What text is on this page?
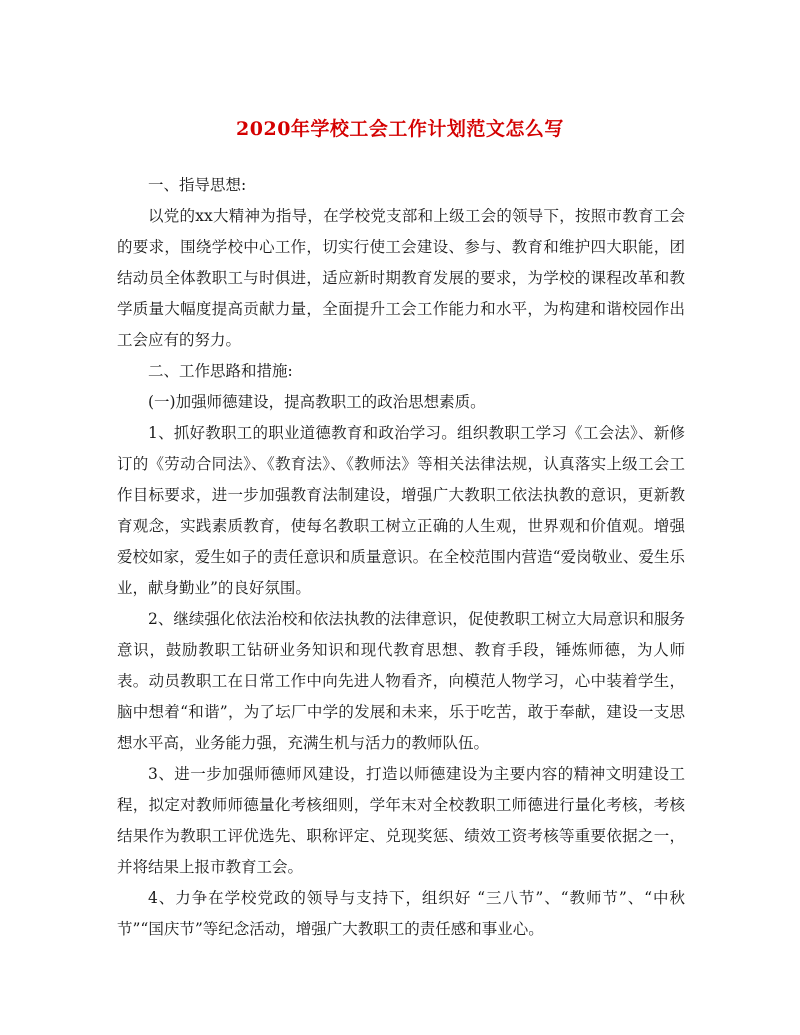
2020年学校工会工作计划范文怎么写

一、指导思想:

以党的xx大精神为指导，在学校党支部和上级工会的领导下，按照市教育工会的要求，围绕学校中心工作，切实行使工会建设、参与、教育和维护四大职能，团结动员全体教职工与时俱进，适应新时期教育发展的要求，为学校的课程改革和教学质量大幅度提高贡献力量，全面提升工会工作能力和水平，为构建和谐校园作出工会应有的努力。

二、工作思路和措施:

(一)加强师德建设，提高教职工的政治思想素质。

1、抓好教职工的职业道德教育和政治学习。组织教职工学习《工会法》、新修订的《劳动合同法》、《教育法》、《教师法》等相关法律法规，认真落实上级工会工作目标要求，进一步加强教育法制建设，增强广大教职工依法执教的意识，更新教育观念，实践素质教育，使每名教职工树立正确的人生观，世界观和价值观。增强爱校如家，爱生如子的责任意识和质量意识。在全校范围内营造“爱岗敬业、爱生乐业，献身勤业”的良好氛围。

2、继续强化依法治校和依法执教的法律意识，促使教职工树立大局意识和服务意识，鼓励教职工钻研业务知识和现代教育思想、教育手段，锤炼师德，为人师表。动员教职工在日常工作中向先进人物看齐，向模范人物学习，心中装着学生，脑中想着“和谐”，为了坛厂中学的发展和未来，乐于吃苦，敢于奉献，建设一支思想水平高，业务能力强，充满生机与活力的教师队伍。

3、进一步加强师德师风建设，打造以师德建设为主要内容的精神文明建设工程，拟定对教师师德量化考核细则，学年末对全校教职工师德进行量化考核，考核结果作为教职工评优选先、职称评定、兑现奖惩、绩效工资考核等重要依据之一，并将结果上报市教育工会。

4、力争在学校党政的领导与支持下，组织好 “三八节”、“教师节”、“中秋节”“国庆节”等纪念活动，增强广大教职工的责任感和事业心。
